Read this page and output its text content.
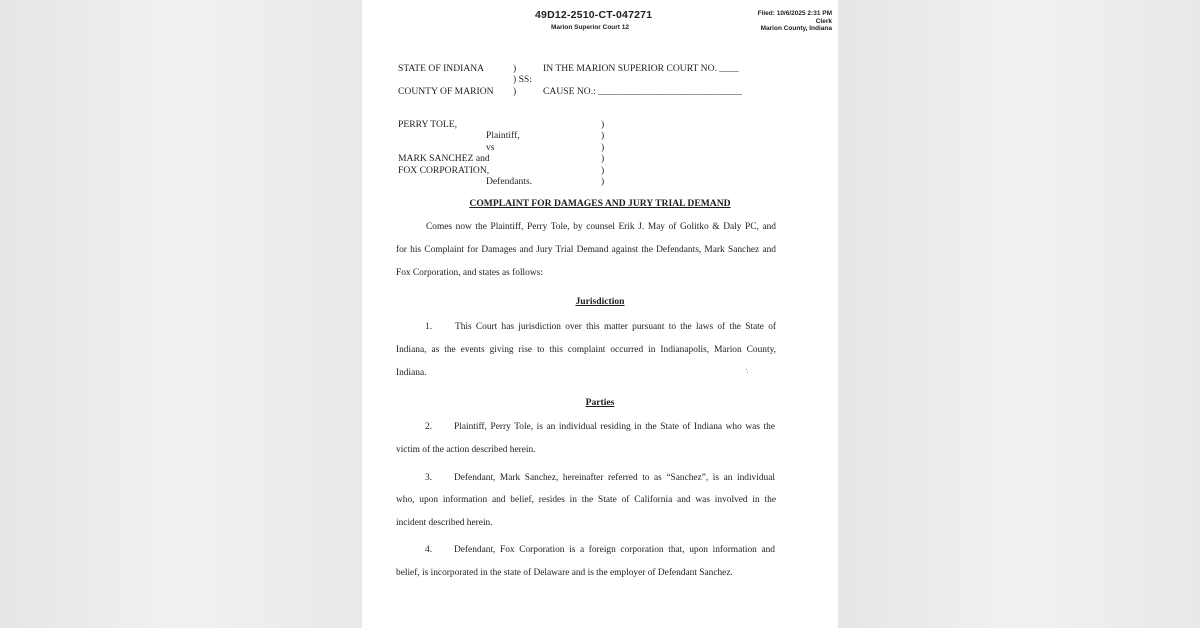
49D12-2510-CT-047271
Marion Superior Court 12
Filed: 10/6/2025 2:31 PM
Clerk
Marion County, Indiana
STATE OF INDIANA	)
) SS:
COUNTY OF MARION )
IN THE MARION SUPERIOR COURT NO. ____
CAUSE NO.: ______________________________
PERRY TOLE,
Plaintiff,
vs
MARK SANCHEZ and
FOX CORPORATION,
Defendants.
)
)
)
)
)
)
COMPLAINT FOR DAMAGES AND JURY TRIAL DEMAND
Comes now the Plaintiff, Perry Tole, by counsel Erik J. May of Golitko & Daly PC, and
for his Complaint for Damages and Jury Trial Demand against the Defendants, Mark Sanchez and
Fox Corporation, and states as follows:
Jurisdiction
1. This Court has jurisdiction over this matter pursuant to the laws of the State of
Indiana, as the events giving rise to this complaint occurred in Indianapolis, Marion County,
Indiana.
Parties
2. Plaintiff, Perry Tole, is an individual residing in the State of Indiana who was the
victim of the action described herein.
3. Defendant, Mark Sanchez, hereinafter referred to as “Sanchez”, is an individual
who, upon information and belief, resides in the State of California and was involved in the
incident described herein.
4. Defendant, Fox Corporation is a foreign corporation that, upon information and
belief, is incorporated in the state of Delaware and is the employer of Defendant Sanchez.
